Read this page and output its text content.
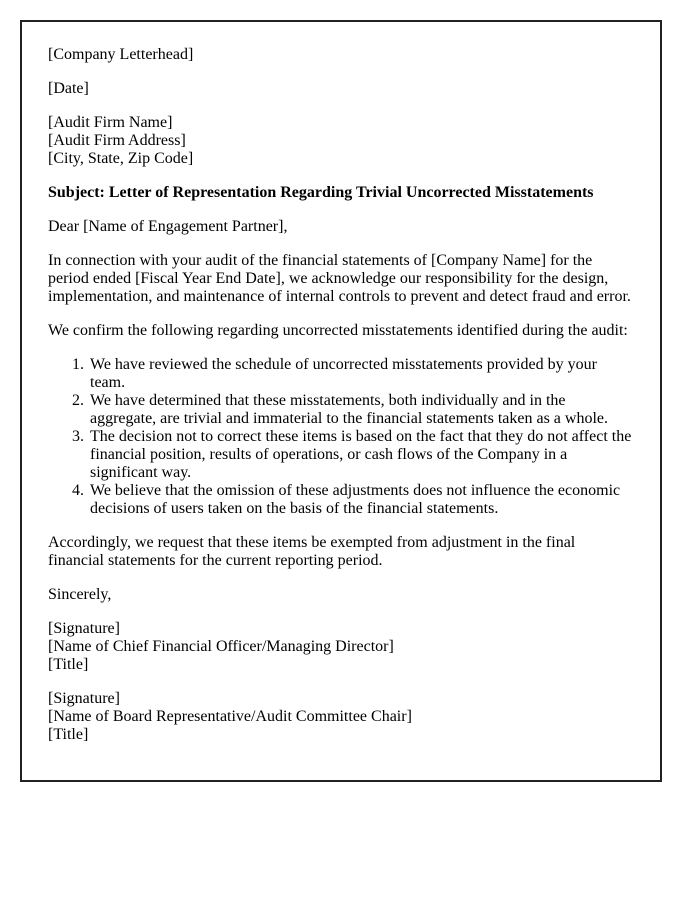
[Company Letterhead]
[Date]
[Audit Firm Name]
[Audit Firm Address]
[City, State, Zip Code]
Subject: Letter of Representation Regarding Trivial Uncorrected Misstatements
Dear [Name of Engagement Partner],
In connection with your audit of the financial statements of [Company Name] for the period ended [Fiscal Year End Date], we acknowledge our responsibility for the design, implementation, and maintenance of internal controls to prevent and detect fraud and error.
We confirm the following regarding uncorrected misstatements identified during the audit:
1. We have reviewed the schedule of uncorrected misstatements provided by your team.
2. We have determined that these misstatements, both individually and in the aggregate, are trivial and immaterial to the financial statements taken as a whole.
3. The decision not to correct these items is based on the fact that they do not affect the financial position, results of operations, or cash flows of the Company in a significant way.
4. We believe that the omission of these adjustments does not influence the economic decisions of users taken on the basis of the financial statements.
Accordingly, we request that these items be exempted from adjustment in the final financial statements for the current reporting period.
Sincerely,
[Signature]
[Name of Chief Financial Officer/Managing Director]
[Title]
[Signature]
[Name of Board Representative/Audit Committee Chair]
[Title]
